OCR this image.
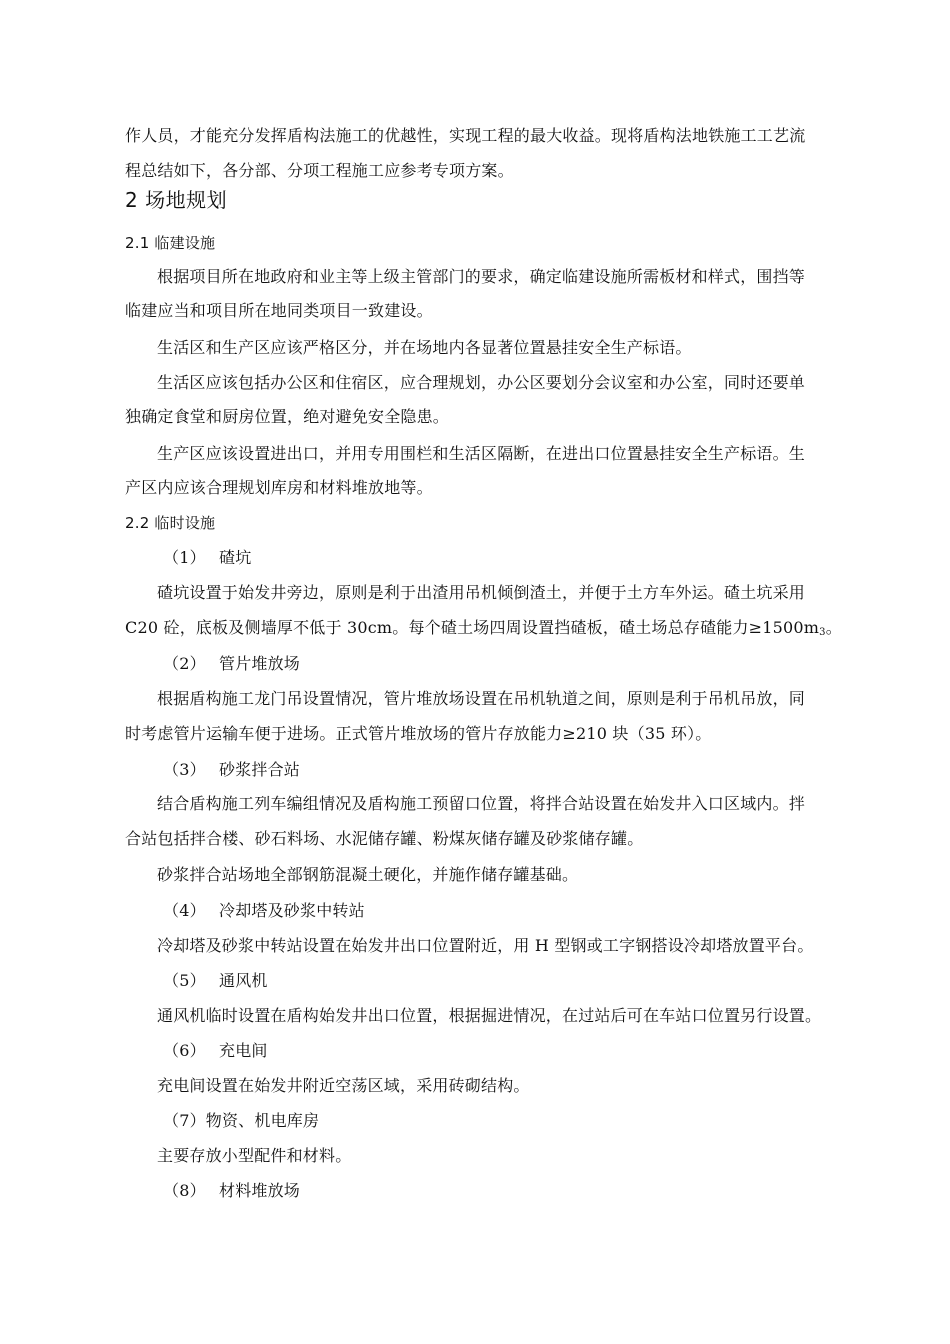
作人员，才能充分发挥盾构法施工的优越性，实现工程的最大收益。现将盾构法地铁施工工艺流
程总结如下，各分部、分项工程施工应参考专项方案。
2 场地规划
2.1 临建设施
根据项目所在地政府和业主等上级主管部门的要求，确定临建设施所需板材和样式，围挡等
临建应当和项目所在地同类项目一致建设。
生活区和生产区应该严格区分，并在场地内各显著位置悬挂安全生产标语。
生活区应该包括办公区和住宿区，应合理规划，办公区要划分会议室和办公室，同时还要单
独确定食堂和厨房位置，绝对避免安全隐患。
生产区应该设置进出口，并用专用围栏和生活区隔断，在进出口位置悬挂安全生产标语。生
产区内应该合理规划库房和材料堆放地等。
2.2 临时设施
（1） 碴坑
碴坑设置于始发井旁边，原则是利于出渣用吊机倾倒渣土，并便于土方车外运。碴土坑采用
C20 砼，底板及侧墙厚不低于 30cm。每个碴土场四周设置挡碴板，碴土场总存碴能力$\ge 1500m^3$。
（2） 管片堆放场
根据盾构施工龙门吊设置情况，管片堆放场设置在吊机轨道之间，原则是利于吊机吊放，同
时考虑管片运输车便于进场。正式管片堆放场的管片存放能力≥210 块（35 环）。
（3） 砂浆拌合站
结合盾构施工列车编组情况及盾构施工预留口位置，将拌合站设置在始发井入口区域内。拌
合站包括拌合楼、砂石料场、水泥储存罐、粉煤灰储存罐及砂浆储存罐。
砂浆拌合站场地全部钢筋混凝土硬化，并施作储存罐基础。
（4） 冷却塔及砂浆中转站
冷却塔及砂浆中转站设置在始发井出口位置附近，用 H 型钢或工字钢搭设冷却塔放置平台。
（5） 通风机
通风机临时设置在盾构始发井出口位置，根据掘进情况，在过站后可在车站口位置另行设置。
（6） 充电间
充电间设置在始发井附近空荡区域，采用砖砌结构。
（7）物资、机电库房
主要存放小型配件和材料。
（8） 材料堆放场
